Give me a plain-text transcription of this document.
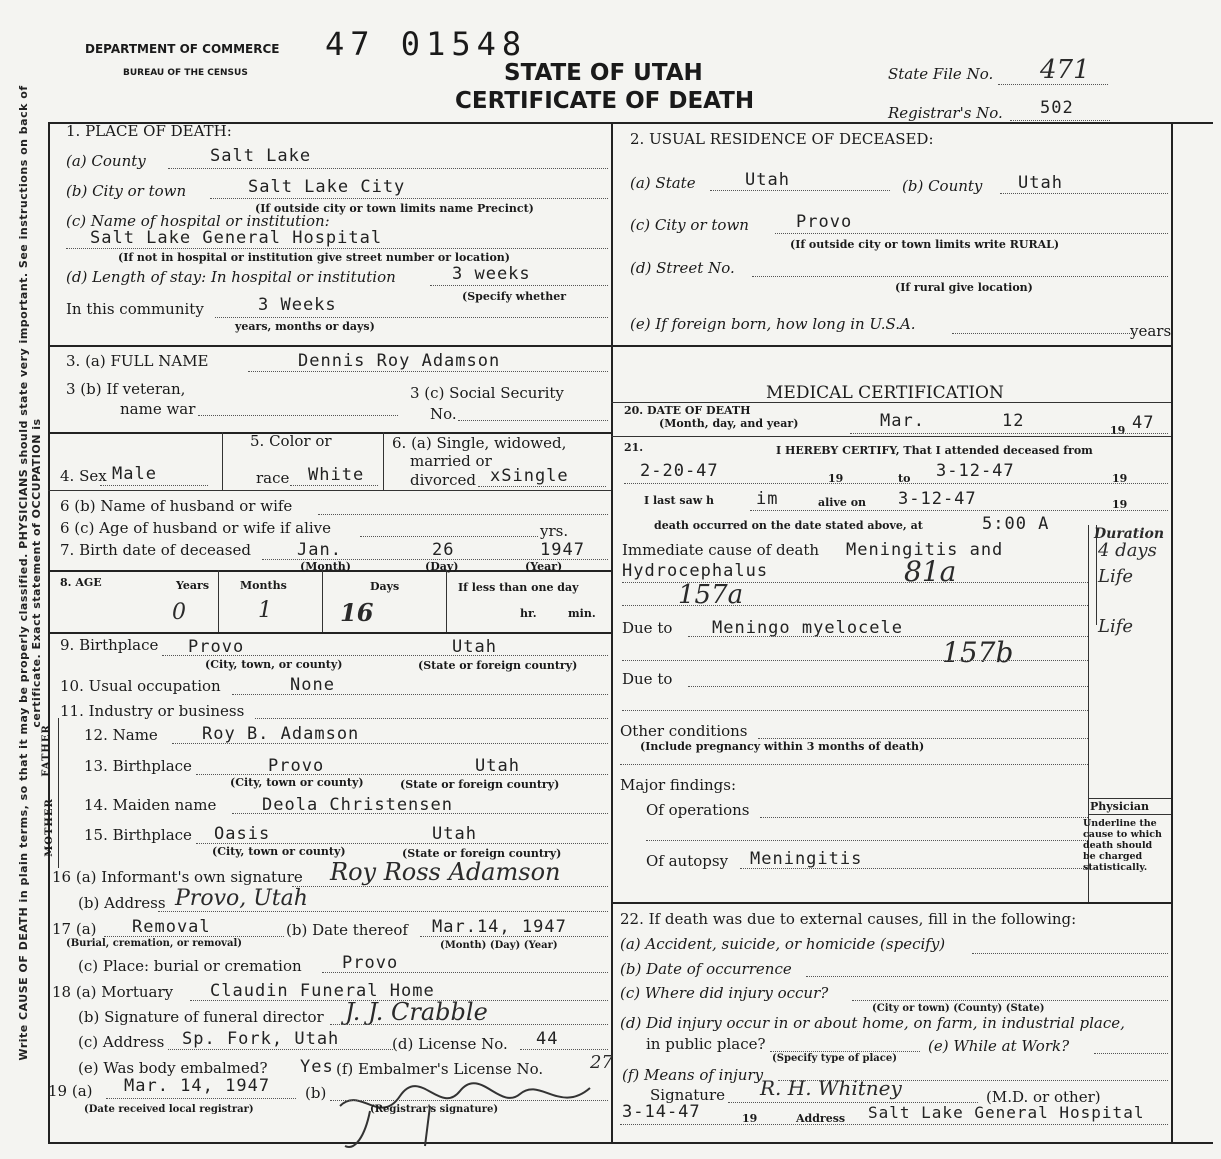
Write CAUSE OF DEATH in plain terms, so that it may be properly classified. PHYSICIANS should state very important. See instructions on back of certificate. Exact statement of OCCUPATION is
DEPARTMENT OF COMMERCE
BUREAU OF THE CENSUS
47 01548
STATE OF UTAH
CERTIFICATE OF DEATH
State File No. 471
Registrar's No. 502
1. PLACE OF DEATH:
(a) County	Salt Lake
(b) City or town	Salt Lake City
(If outside city or town limits name Precinct)
(c) Name of hospital or institution:
Salt Lake General Hospital
(If not in hospital or institution give street number or location)
(d) Length of stay: In hospital or institution	3 weeks
(Specify whether
In this community	3 Weeks
years, months or days)
2. USUAL RESIDENCE OF DECEASED:
(a) State	Utah	(b) County Utah
(c) City or town	Provo
(If outside city or town limits write RURAL)
(d) Street No.
(If rural give location)
(e) If foreign born, how long in U.S.A.	years
3. (a) FULL NAME	Dennis Roy Adamson
3 (b) If veteran,
name war
3 (c) Social Security
No.
5. Color or
4. Sex Male	race White
6. (a) Single, widowed,
married or
divorced xSingle
6 (b) Name of husband or wife
6 (c) Age of husband or wife if alive	yrs.
7. Birth date of deceased	Jan.	26	1947
(Month)	(Day)	(Year)
8. AGE	Years	Months	Days	If less than one day
0	1	16	hr.	min.
9. Birthplace Provo	Utah
(City, town, or county)	(State or foreign country)
10. Usual occupation	None
11. Industry or business
FATHER
MOTHER
12. Name	Roy B. Adamson
13. Birthplace	Provo	Utah
(City, town or county)	(State or foreign country)
14. Maiden name	Deola Christensen
15. Birthplace Oasis	Utah
(City, town or county)	(State or foreign country)
16 (a) Informant's own signature Roy Ross Adamson
(b) Address Provo, Utah
17 (a) Removal	(b) Date thereof Mar.14, 1947
(Burial, cremation, or removal)	(Month) (Day) (Year)
(c) Place: burial or cremation Provo
18 (a) Mortuary Claudin Funeral Home
(b) Signature of funeral director J. J. Crabble
(c) Address Sp. Fork, Utah	(d) License No. 44
(e) Was body embalmed? Yes (f) Embalmer's License No.	27
19 (a) Mar. 14, 1947
(Date received local registrar)
(b)
(Registrar's signature)
MEDICAL CERTIFICATION
20. DATE OF DEATH
(Month, day, and year)	Mar.	12	19 47
21.	I HEREBY CERTIFY, That I attended deceased from
2-20-47	19	to 3-12-47	19
I last saw h im	alive on 3-12-47	19
death occurred on the date stated above, at	5:00 A	Duration
Immediate cause of death Meningitis and	4 days
Hydrocephalus	81a	Life
157a
Due to Meningo myelocele	Life
157b
Due to
Other conditions
(Include pregnancy within 3 months of death)
Major findings:
Of operations
Of autopsy Meningitis
Physician
Underline the cause to which death should be charged statistically.
22. If death was due to external causes, fill in the following:
(a) Accident, suicide, or homicide (specify)
(b) Date of occurrence
(c) Where did injury occur?
(City or town) (County) (State)
(d) Did injury occur in or about home, on farm, in industrial place,
in public place?
(Specify type of place)
(e) While at Work?
(f) Means of injury
Signature R. H. Whitney	(M.D. or other)
3-14-47	19	Address Salt Lake General Hospital
